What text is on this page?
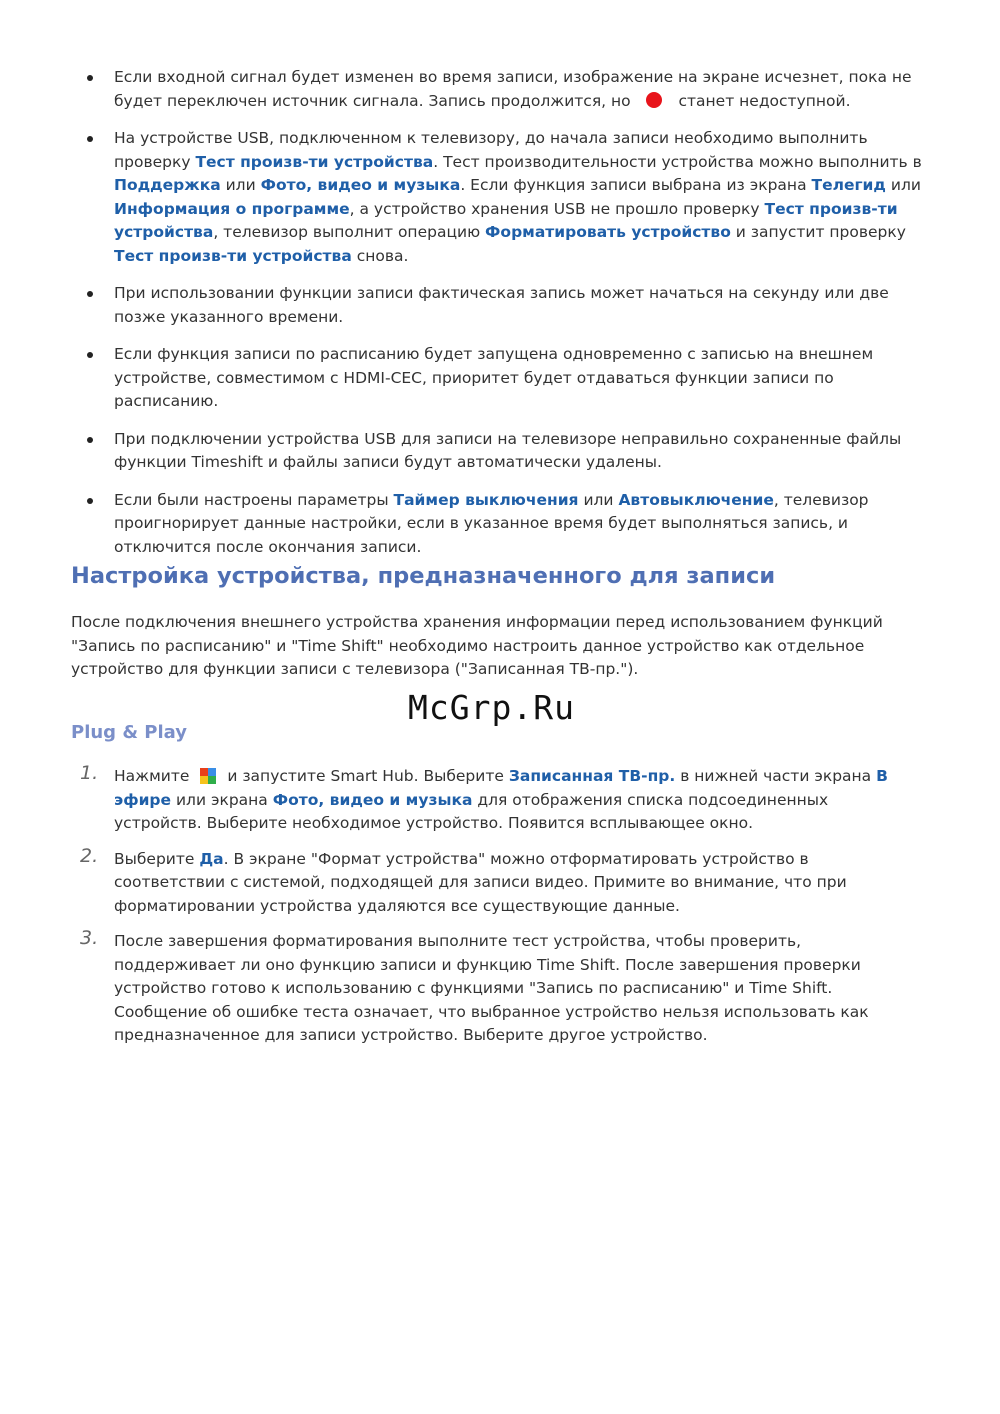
Если входной сигнал будет изменен во время записи, изображение на экране исчезнет, пока не будет переключен источник сигнала. Запись продолжится, но  станет недоступной.
На устройстве USB, подключенном к телевизору, до начала записи необходимо выполнить проверку Тест произв-ти устройства. Тест производительности устройства можно выполнить в Поддержка или Фото, видео и музыка. Если функция записи выбрана из экрана Телегид или Информация о программе, а устройство хранения USB не прошло проверку Тест произв-ти устройства, телевизор выполнит операцию Форматировать устройство и запустит проверку Тест произв-ти устройства снова.
При использовании функции записи фактическая запись может начаться на секунду или две позже указанного времени.
Если функция записи по расписанию будет запущена одновременно с записью на внешнем устройстве, совместимом с HDMI-CEC, приоритет будет отдаваться функции записи по расписанию.
При подключении устройства USB для записи на телевизоре неправильно сохраненные файлы функции Timeshift и файлы записи будут автоматически удалены.
Если были настроены параметры Таймер выключения или Автовыключение, телевизор проигнорирует данные настройки, если в указанное время будет выполняться запись, и отключится после окончания записи.
Настройка устройства, предназначенного для записи

После подключения внешнего устройства хранения информации перед использованием функций "Запись по расписанию" и "Time Shift" необходимо настроить данное устройство как отдельное устройство для функции записи с телевизора ("Записанная ТВ-пр.").

McGrp.Ru
Plug & Play
1. Нажмите
и запустите Smart Hub. Выберите Записанная ТВ-пр. в нижней части экрана В эфире или экрана Фото, видео и музыка для отображения списка подсоединенных устройств. Выберите необходимое устройство. Появится всплывающее окно.
2. Выберите Да. В экране "Формат устройства" можно отформатировать устройство в соответствии с системой, подходящей для записи видео. Примите во внимание, что при форматировании устройства удаляются все существующие данные.
3. После завершения форматирования выполните тест устройства, чтобы проверить, поддерживает ли оно функцию записи и функцию Time Shift. После завершения проверки устройство готово к использованию с функциями "Запись по расписанию" и Time Shift. Сообщение об ошибке теста означает, что выбранное устройство нельзя использовать как предназначенное для записи устройство. Выберите другое устройство.
